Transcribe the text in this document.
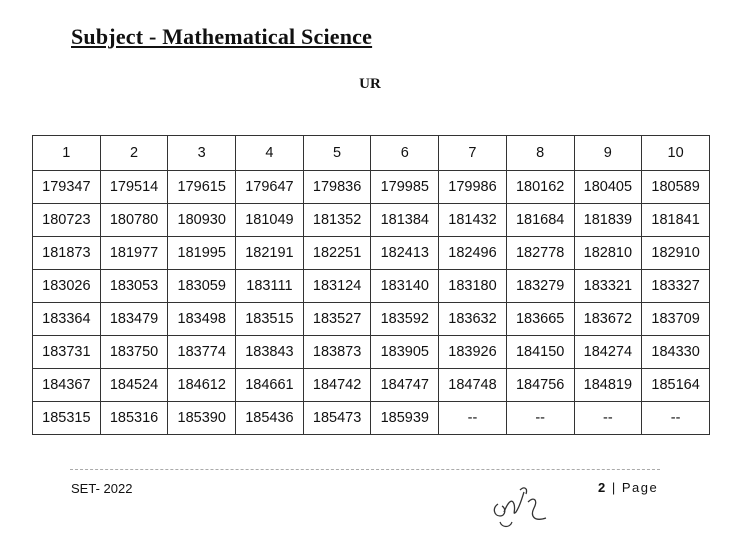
Subject - Mathematical Science
UR
1	2	3	4	5	6	7	8	9	10
179347	179514	179615	179647	179836	179985	179986	180162	180405	180589
180723	180780	180930	181049	181352	181384	181432	181684	181839	181841
181873	181977	181995	182191	182251	182413	182496	182778	182810	182910
183026	183053	183059	183111	183124	183140	183180	183279	183321	183327
183364	183479	183498	183515	183527	183592	183632	183665	183672	183709
183731	183750	183774	183843	183873	183905	183926	184150	184274	184330
184367	184524	184612	184661	184742	184747	184748	184756	184819	185164
185315	185316	185390	185436	185473	185939	--	--	--	--
SET- 2022	2 | Page
